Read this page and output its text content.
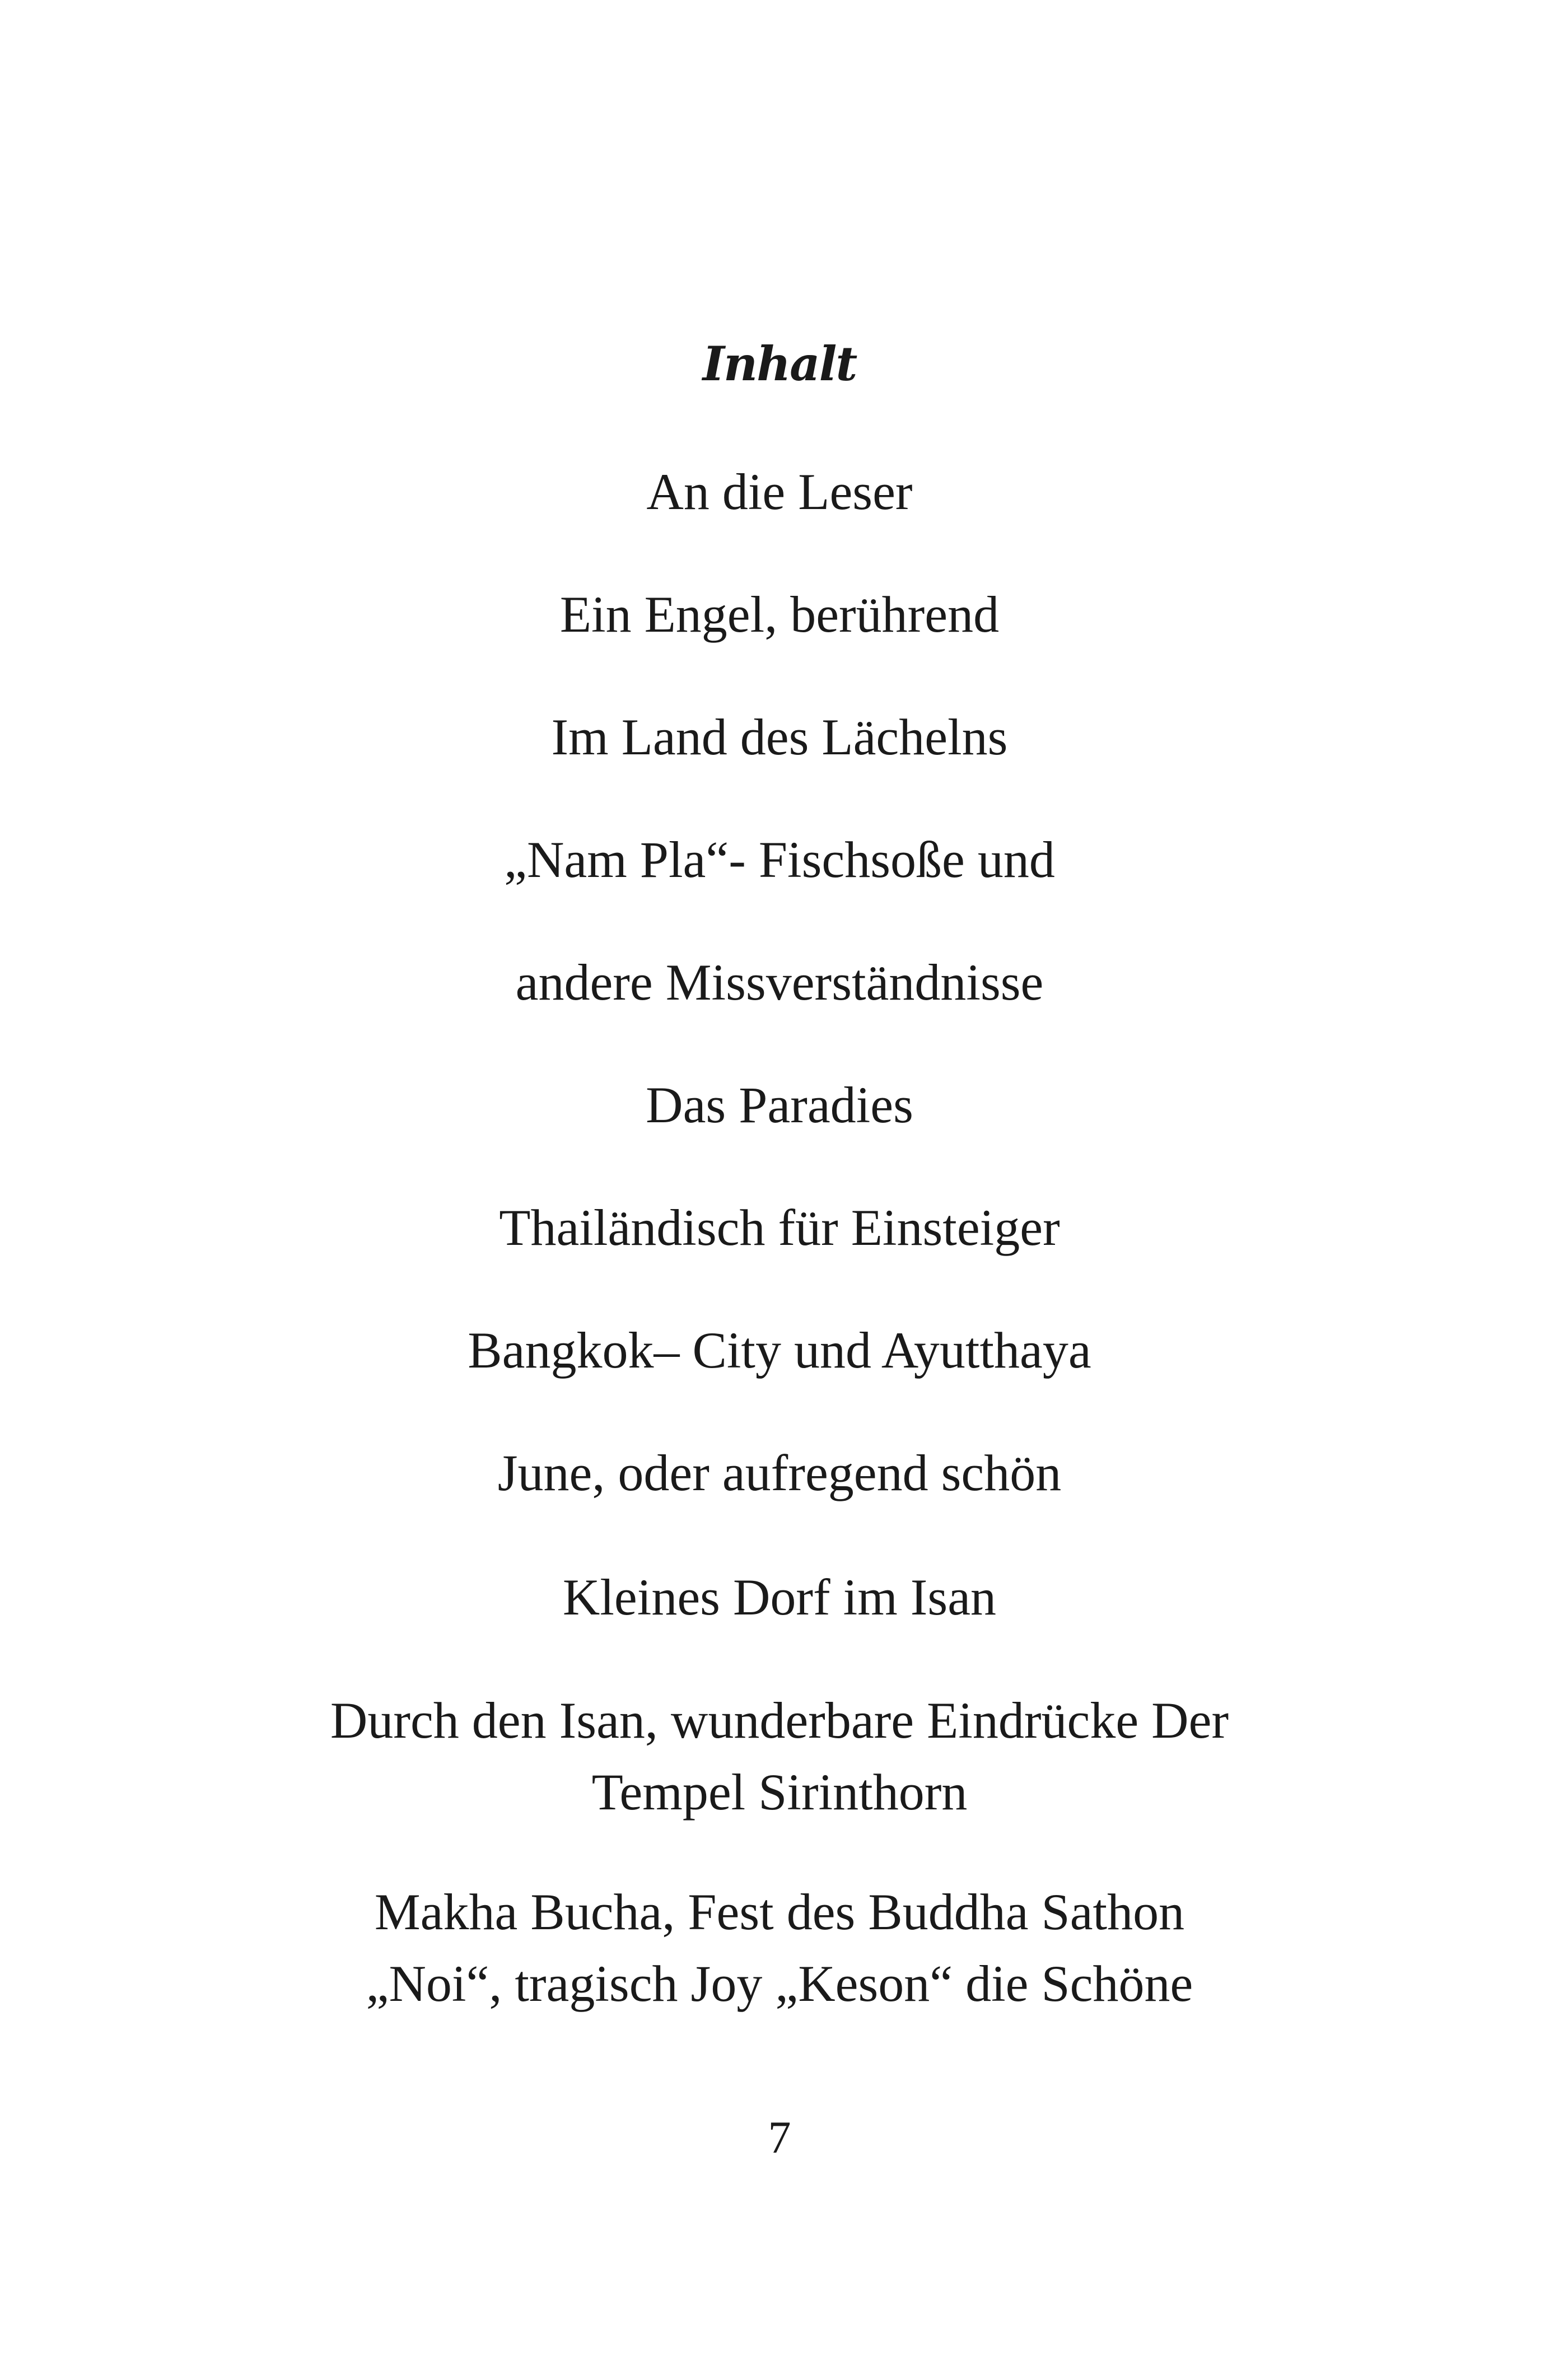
Inhalt
An die Leser
Ein Engel, berührend
Im Land des Lächelns
„Nam Pla“- Fischsoße und
andere Missverständnisse
Das Paradies
Thailändisch für Einsteiger
Bangkok– City und Ayutthaya
June, oder aufregend schön
Kleines Dorf im Isan
Durch den Isan, wunderbare Eindrücke Der
Tempel Sirinthorn
Makha Bucha, Fest des Buddha Sathon
„Noi“, tragisch Joy „Keson“ die Schöne
7
